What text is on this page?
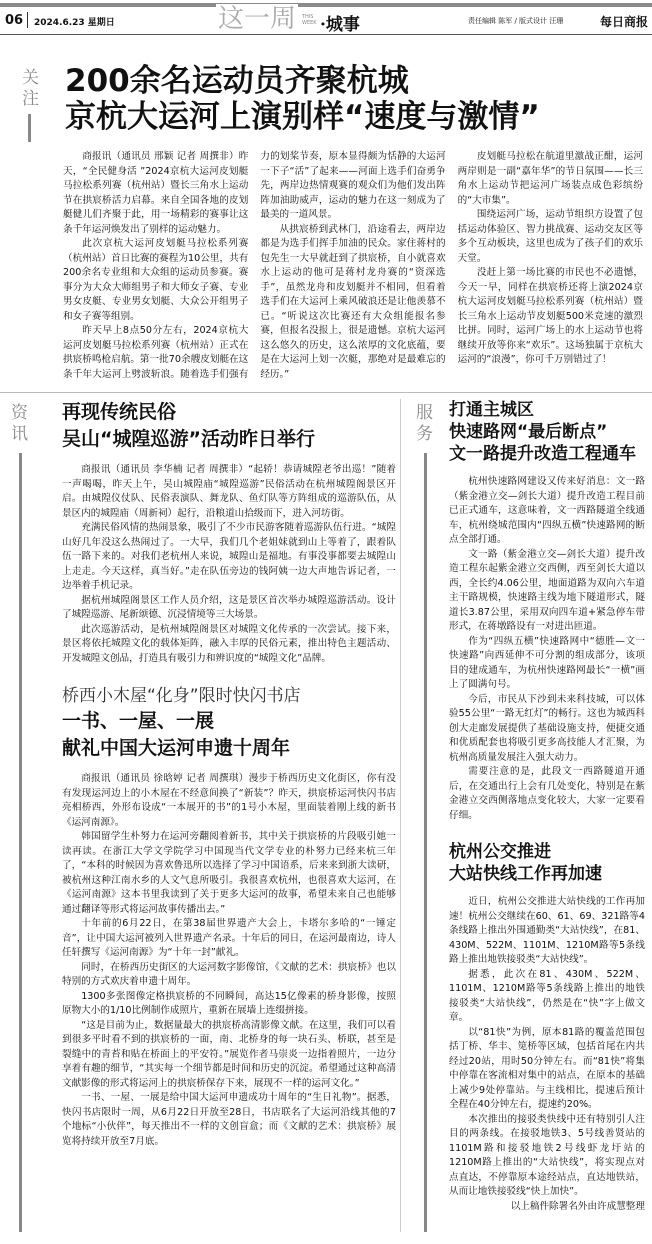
06 2024.6.23 星期日	这一周	THIS WEEK ·城事	责任编辑 陈军 / 版式设计 汪珊	每日商报
关注 200余名运动员齐聚杭城
京杭大运河上演别样“速度与激情”

商报讯（通讯员 邢颖 记者 周撰非）昨天，“全民健身活 ”2024京杭大运河皮划艇马拉松系列赛（杭州站）暨长三角水上运动节在拱宸桥活力启幕。来自全国各地的皮划艇健儿们齐聚于此，用一场精彩的赛事让这条千年运河焕发出了别样的运动魅力。

此次京杭大运河皮划艇马拉松系列赛（杭州站）首日比赛的赛程为10公里，共有200余名专业组和大众组的运动员参赛。赛事分为大众大师组男子和大师女子赛、专业男女皮艇、专业男女划艇、大众公开组男子和女子赛等组别。

昨天早上8点50分左右，2024京杭大运河皮划艇马拉松系列赛（杭州站）正式在拱宸桥鸣枪启航。第一批70余艘皮划艇在这条千年大运河上劈波斩浪。随着选手们强有力的划桨节奏，原本显得颇为恬静的大运河一下子“活”了起来——河面上选手们奋勇争先，两岸边热情观赛的观众们为他们发出阵阵加油助威声，运动的魅力在这一刻成为了最美的一道风景。

从拱宸桥到武林门，沿途看去，两岸边都是为选手们挥手加油的民众。家住蒋村的包先生一大早就赶到了拱宸桥，自小就喜欢水上运动的他可是蒋村龙舟赛的“资深选手”，虽然龙舟和皮划艇并不相同，但看着选手们在大运河上乘风破浪还是让他羡慕不已。“听说这次比赛还有大众组能报名参赛，但报名没报上，很是遗憾。京杭大运河这么悠久的历史，这么浓厚的文化底蕴，要是在大运河上划一次艇，那绝对是最难忘的经历。”

皮划艇马拉松在航道里激战正酣，运河两岸则是一副“嘉年华”的节日氛围——长三角水上运动节把运河广场装点成色彩缤纷的“大市集”。

围绕运河广场，运动节组织方设置了包括运动体验区、智力挑战赛、运动交友区等多个互动板块，这里也成为了孩子们的欢乐天堂。

没赶上第一场比赛的市民也不必遗憾，今天一早，同样在拱宸桥还将上演2024京杭大运河皮划艇马拉松系列赛（杭州站）暨长三角水上运动节皮划艇500米竞速的激烈比拼。同时，运河广场上的水上运动节也将继续开放等你来“欢乐”。这场独属于京杭大运河的“浪漫”，你可千万别错过了！

资讯
再现传统民俗
吴山“城隍巡游”活动昨日举行

商报讯（通讯员 李华楠 记者 周撰非）“起轿！恭请城隍老爷出巡！”随着一声喝喝，昨天上午，吴山城隍庙“城隍巡游”民俗活动在杭州城隍阁景区开启。由城隍仪仗队、民俗表演队、舞龙队、鱼灯队等方阵组成的巡游队伍，从景区内的城隍庙（周新祠）起行，沿粮道山拾级而下，进入河坊街。

充满民俗风情的热闹景象，吸引了不少市民游客随着巡游队伍行进。“城隍山好几年没这么热闹过了。一大早，我们几个老姐妹就到山上等着了，跟着队伍一路下来的。对我们老杭州人来说，城隍山是福地。有事没事都要去城隍山上走走。今天这样，真当好。”走在队伍旁边的钱阿姨一边大声地告诉记者，一边举着手机记录。

据杭州城隍阁景区工作人员介绍，这是景区首次举办城隍巡游活动。设计了城隍巡游、尾新颂德、沉浸情境等三大场景。

此次巡游活动，是杭州城隍阁景区对城隍文化传承的一次尝试。接下来，景区将依托城隍文化的载体矩阵，融入丰厚的民俗元素，推出特色主题活动、开发城隍文创品，打造具有吸引力和辨识度的“城隍文化”品牌。

桥西小木屋“化身”限时快闪书店
一书、一屋、一展
献礼中国大运河申遗十周年

商报讯（通讯员 徐晗婷 记者 周撰琪）漫步于桥西历史文化街区，你有没有发现运河边上的小木屋在不经意间换了“新装”？昨天，拱宸桥运河快闪书店亮相桥西，外形布设成“一本展开的书”的1号小木屋，里面装着刚上线的新书《运河南源》。

韩国留学生朴努力在运河旁翻阅着新书，其中关于拱宸桥的片段吸引她一读再读。在浙江大学文学院学习中国现当代文学专业的朴努力已经来杭三年了，“本科的时候因为喜欢鲁迅所以选择了学习中国语系，后来来到浙大读研，被杭州这种江南水乡的人文气息所吸引。我很喜欢杭州，也很喜欢大运河，在《运河南源》这本书里我读到了关于更多大运河的故事，希望未来自己也能够通过翻译等形式将运河故事传播出去。”

十年前的6月22日，在第38届世界遗产大会上，卡塔尔多哈的“一锤定音”，让中国大运河被列入世界遗产名录。十年后的同日，在运河最南边，诗人任轩撰写《运河南源》为“十年一封”献礼。

同时，在桥西历史街区的大运河数字影像馆，《文献的艺术：拱宸桥》也以特别的方式欢庆着申遗十周年。

1300多张图像定格拱宸桥的不同瞬间，高达15亿像素的桥身影像，按照原物大小的1/10比例制作成照片，重新在展墙上连缀拼接。

“这是目前为止，数据量最大的拱宸桥高清影像文献。在这里，我们可以看到很多平时看不到的拱宸桥的一面，南、北桥身的每一块石头、桥联，甚至是裂缝中的青苔和贴在桥面上的平安符。”展览作者马崇炎一边指着照片，一边分享着有趣的细节，“其实每一个细节都是时间和历史的沉淀。希望通过这种高清文献影像的形式将运河上的拱宸桥保存下来，展现不一样的运河文化。”

一书、一屋、一展是给中国大运河申遗成功十周年的“生日礼物”。据悉，快闪书店限时一周，从6月22日开放至28日，书店联名了大运河沿线其他的7个地标“小伙伴”，每天推出不一样的文创盲盒；而《文献的艺术：拱宸桥》展览将持续开放至7月底。

服务
打通主城区
快速路网“最后断点”
文一路提升改造工程通车

杭州快速路网建设又传来好消息：文一路（紫金港立交—剑长大道）提升改造工程目前已正式通车，这意味着，文一西路隧道全线通车，杭州绕城范围内“四纵五横”快速路网的断点全部打通。

文一路（紫金港立交—剑长大道）提升改造工程东起紫金港立交西侧，西至剑长大道以西，全长约4.06公里，地面道路为双向六车道主干路规模，快速路主线为地下隧道形式，隧道长3.87公里，采用双向四车道+紧急停车带形式，在蒋墩路设有一对进出匝道。

作为“四纵五横”快速路网中“德胜—文一快速路”向西延伸不可分割的组成部分，该项目的建成通车，为杭州快速路网最长“一横”画上了圆满句号。

今后，市民从下沙到未来科技城，可以体验55公里“一路无红灯”的畅行。这也为城西科创大走廊发展提供了基础设施支持，便捷交通和优质配套也将吸引更多高技能人才汇聚，为杭州高质量发展注入强大动力。

需要注意的是，此段文一西路隧道开通后，在交通出行上会有几处变化，特别是在紫金港立交西侧落地点变化较大，大家一定要看仔细。

杭州公交推进
大站快线工作再加速

近日，杭州公交推进大站快线的工作再加速！杭州公交继续在60、61、69、321路等4条线路上推出外围通勤类“大站快线”，在81、430M、522M、1101M、1210M路等5条线路上推出地铁接驳类“大站快线”。

据悉，此次在81、430M、522M、1101M、1210M路等5条线路上推出的地铁接驳类“大站快线”，仍然是在“快”字上做文章。

以“81快”为例，原本81路的覆盖范围包括丁桥、华丰、笕桥等区域，包括首尾在内共经过20站，用时50分钟左右。而“81快”将集中停靠在客流相对集中的站点，在原本的基础上减少9处停靠站。与主线相比，提速后预计全程在40分钟左右，提速约20%。

本次推出的接驳类快线中还有特别引人注目的两条线。在接驳地铁3、5号线善贤站的1101M路和接驳地铁2号线虾龙圩站的1210M路上推出的“大站快线”，将实现点对点直达，不停靠原本途经站点，直达地铁站，从而让地铁接驳线“快上加快”。

以上稿件除署名外由许成慧整理
